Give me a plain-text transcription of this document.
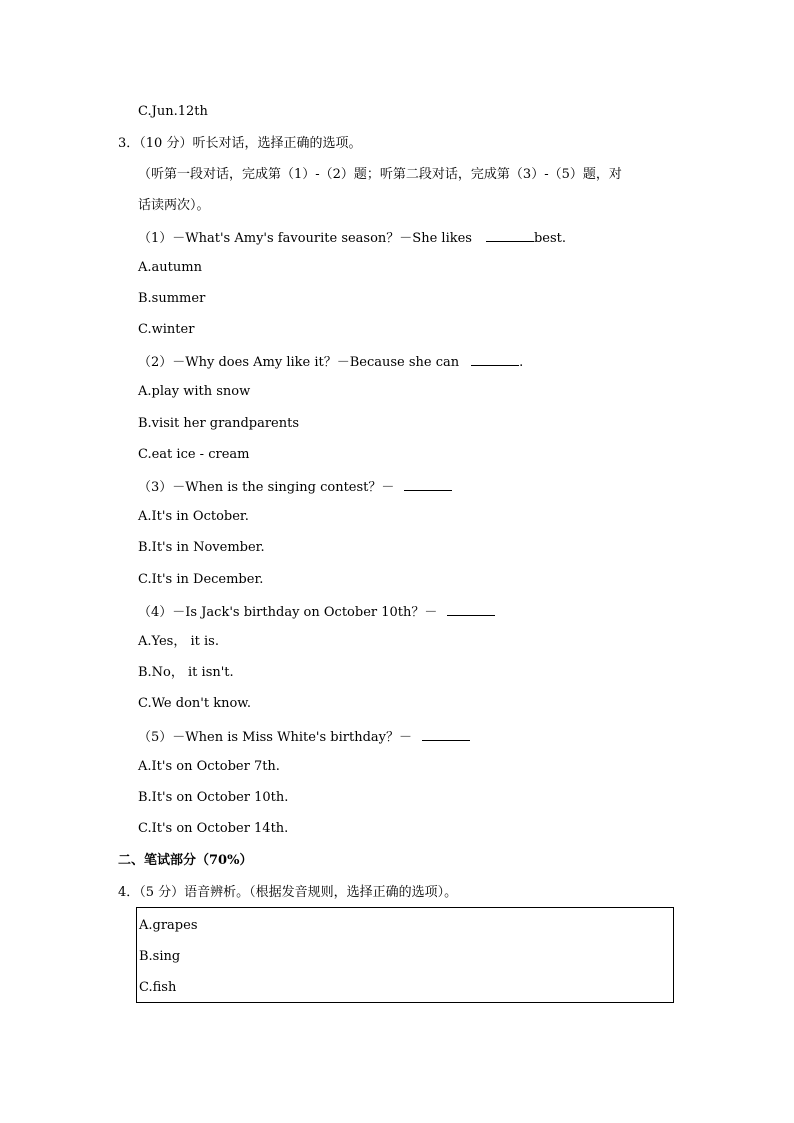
C.Jun.12th
3．（10 分）听长对话，选择正确的选项。
（听第一段对话，完成第（1）-（2）题；听第二段对话，完成第（3）-（5）题，对
话读两次）。
（1）－What's Amy's favourite season？－She likes	best.
A.autumn
B.summer
C.winter
（2）－Why does Amy like it？－Because she can	.
A.play with snow
B.visit her grandparents
C.eat ice - cream
（3）－When is the singing contest？－
A.It's in October.
B.It's in November.
C.It's in December.
（4）－Is Jack's birthday on October 10th？－
A.Yes， it is.
B.No， it isn't.
C.We don't know.
（5）－When is Miss White's birthday？－
A.It's on October 7th.
B.It's on October 10th.
C.It's on October 14th.
二、笔试部分（70%）
4．（5 分）语音辨析。（根据发音规则，选择正确的选项）。
A.grapes
B.sing
C.fish
